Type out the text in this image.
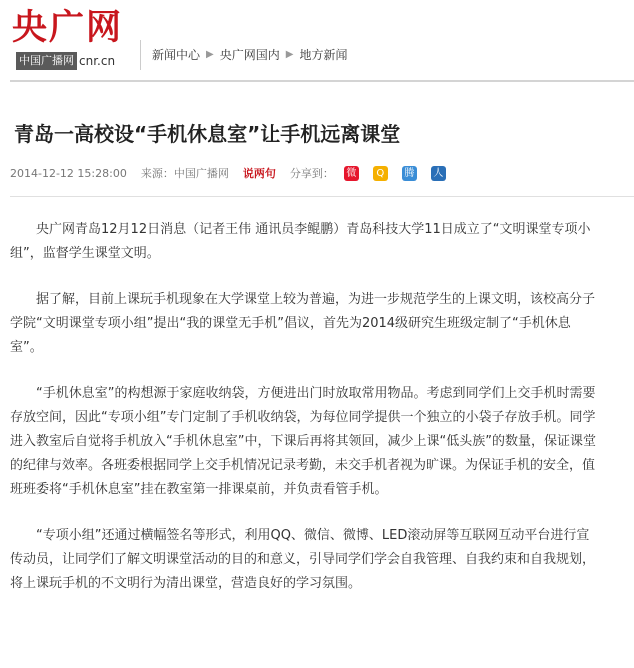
央广网
中国广播网 cnr.cn	新闻中心 ▶ 央广网国内 ▶ 地方新闻
青岛一高校设“手机休息室”让手机远离课堂
2014-12-12 15:28:00 来源：中国广播网 说两句 分享到： 微	Q	腾 人

央广网青岛12月12日消息（记者王伟 通讯员李鲲鹏）青岛科技大学11日成立了“文明课堂专项小组”，监督学生课堂文明。

据了解，目前上课玩手机现象在大学课堂上较为普遍，为进一步规范学生的上课文明，该校高分子学院“文明课堂专项小组”提出“我的课堂无手机”倡议，首先为2014级研究生班级定制了“手机休息室”。

“手机休息室”的构想源于家庭收纳袋，方便进出门时放取常用物品。考虑到同学们上交手机时需要存放空间，因此“专项小组”专门定制了手机收纳袋，为每位同学提供一个独立的小袋子存放手机。同学进入教室后自觉将手机放入“手机休息室”中，下课后再将其领回，减少上课“低头族”的数量，保证课堂的纪律与效率。各班委根据同学上交手机情况记录考勤，未交手机者视为旷课。为保证手机的安全，值班班委将“手机休息室”挂在教室第一排课桌前，并负责看管手机。

“专项小组”还通过横幅签名等形式，利用QQ、微信、微博、LED滚动屏等互联网互动平台进行宣传动员，让同学们了解文明课堂活动的目的和意义，引导同学们学会自我管理、自我约束和自我规划，将上课玩手机的不文明行为清出课堂，营造良好的学习氛围。
